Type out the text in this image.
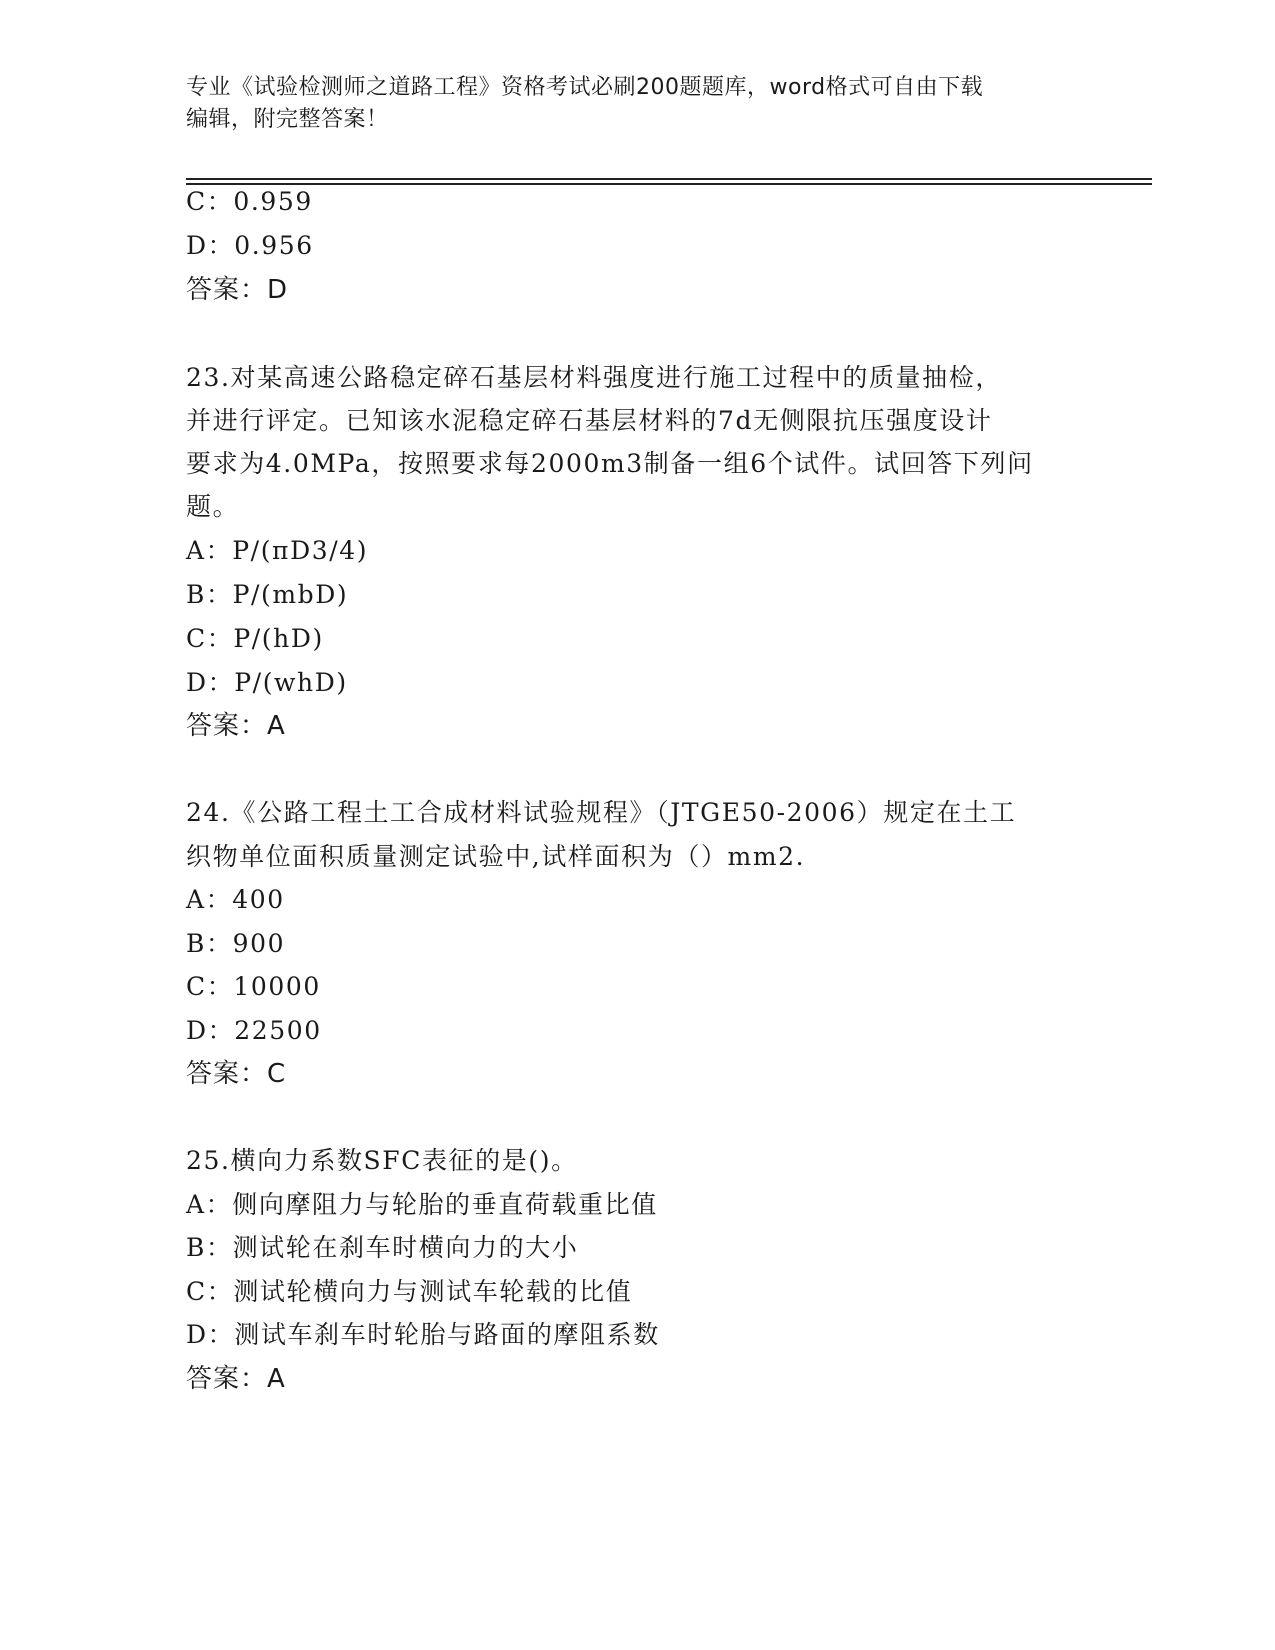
专业《试验检测师之道路工程》资格考试必刷200题题库，word格式可自由下载
编辑，附完整答案！
C：0.959
D：0.956
答案：D
23.对某高速公路稳定碎石基层材料强度进行施工过程中的质量抽检，
并进行评定。已知该水泥稳定碎石基层材料的7d无侧限抗压强度设计
要求为4.0MPa，按照要求每2000m3制备一组6个试件。试回答下列问
题。
A：P/(πD3/4)
B：P/(mbD)
C：P/(hD)
D：P/(whD)
答案：A
24.《公路工程土工合成材料试验规程》（JTGE50-2006）规定在土工
织物单位面积质量测定试验中,试样面积为（）mm2.
A：400
B：900
C：10000
D：22500
答案：C
25.横向力系数SFC表征的是()。
A：侧向摩阻力与轮胎的垂直荷载重比值
B：测试轮在刹车时横向力的大小
C：测试轮横向力与测试车轮载的比值
D：测试车刹车时轮胎与路面的摩阻系数
答案：A
